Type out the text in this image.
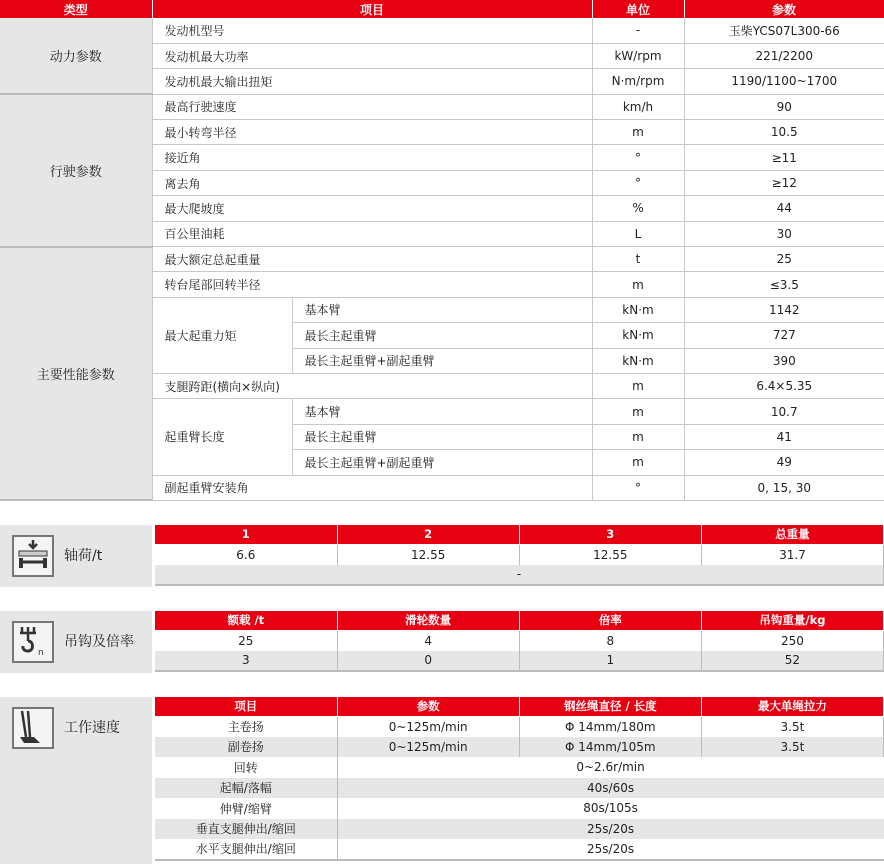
类型	项目		单位	参数
动力参数	发动机型号		-	玉柴YCS07L300-66
	发动机最大功率		kW/rpm	221/2200
	发动机最大输出扭矩		N·m/rpm	1190/1100~1700
行驶参数	最高行驶速度		km/h	90
	最小转弯半径		m	10.5
	接近角		°	≥11
	离去角		°	≥12
	最大爬坡度		%	44
	百公里油耗		L	30
主要性能参数	最大额定总起重量		t	25
	转台尾部回转半径		m	≤3.5
	最大起重力矩	基本臂	kN·m	1142
		最长主起重臂	kN·m	727
		最长主起重臂+副起重臂	kN·m	390
	支腿跨距(横向×纵向)		m	6.4×5.35
	起重臂长度	基本臂	m	10.7
		最长主起重臂	m	41
		最长主起重臂+副起重臂	m	49
	副起重臂安装角		°	0, 15, 30
轴荷/t
1	2	3	总重量
6.6	12.55	12.55	31.7
-			
n
吊钩及倍率
额载 /t	滑轮数量	倍率	吊钩重量/kg
25	4	8	250
3	0	1	52
工作速度
项目	参数	钢丝绳直径 / 长度	最大单绳拉力
主卷扬	0~125m/min	Φ 14mm/180m	3.5t
副卷扬	0~125m/min	Φ 14mm/105m	3.5t
回转	0~2.6r/min		
起幅/落幅	40s/60s		
伸臂/缩臂	80s/105s		
垂直支腿伸出/缩回	25s/20s		
水平支腿伸出/缩回	25s/20s		
